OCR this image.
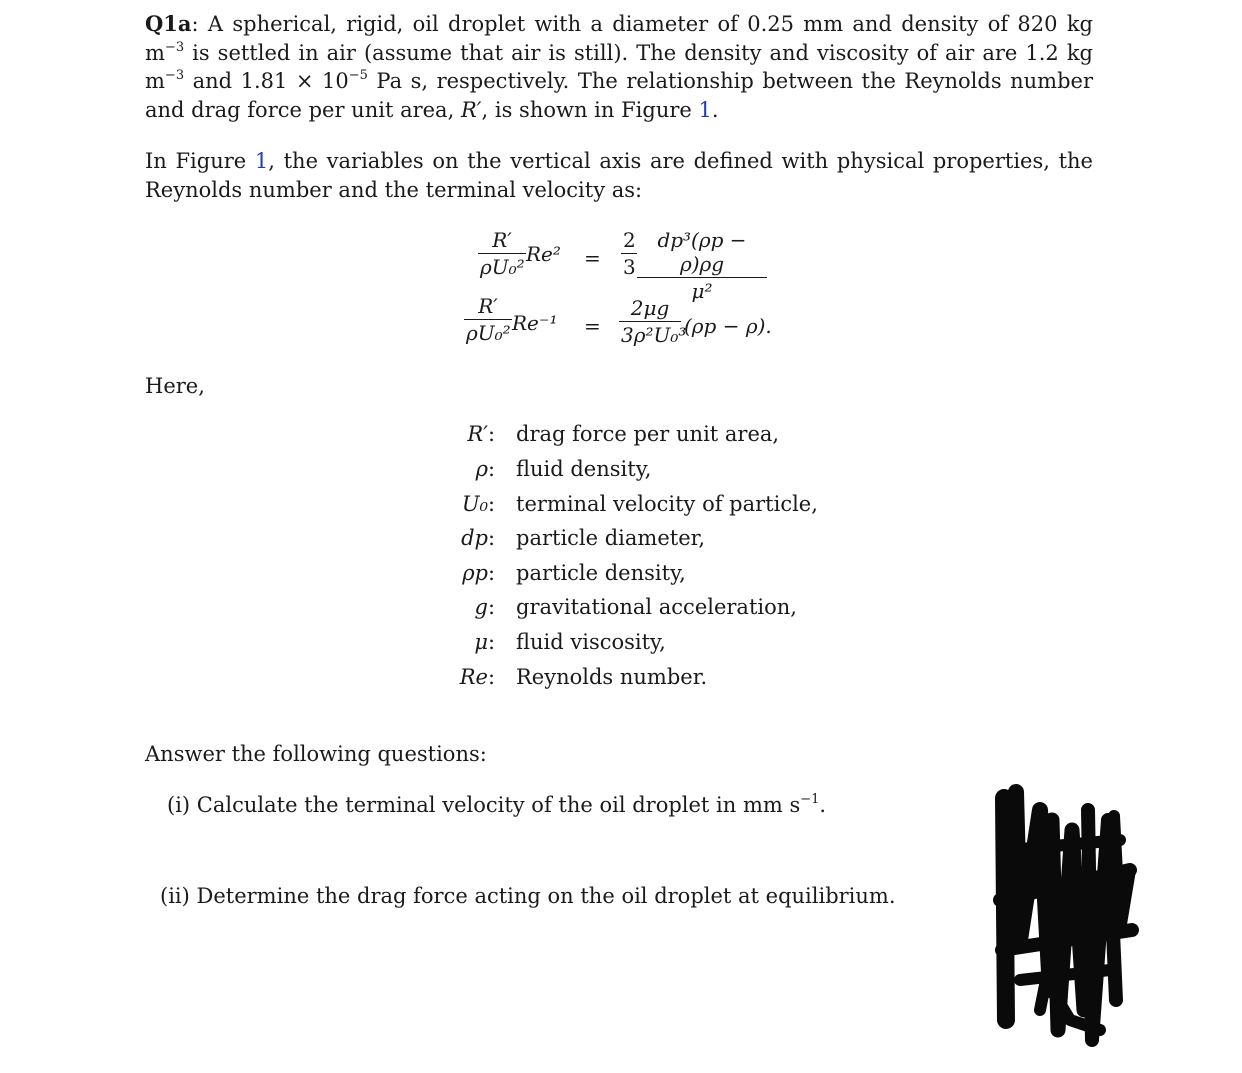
Q1a: A spherical, rigid, oil droplet with a diameter of 0.25 mm and density of 820 kg $m^{-3}$ is settled in air (assume that air is still). The density and viscosity of air are 1.2 kg $m^{-3}$ and $1.81 \times 10^{-5}$ Pa s, respectively. The relationship between the Reynolds number and drag force per unit area, R′, is shown in Figure 1.
In Figure 1, the variables on the vertical axis are defined with physical properties, the Reynolds number and the terminal velocity as:
R′
ρU₀²
Re² =
2
3
dp³(ρp − ρ)ρg
μ²
R′
ρU₀² Re⁻¹ =
2μg
3ρ²U₀³
(ρp − ρ).
Here,
R′ : drag force per unit area,
ρ : fluid density,
U₀ : terminal velocity of particle,
dp : particle diameter,
ρp : particle density,
g : gravitational acceleration,
μ : fluid viscosity,
Re : Reynolds number.
Answer the following questions:
(i) Calculate the terminal velocity of the oil droplet in mm $s^{-1}$.
(ii) Determine the drag force acting on the oil droplet at equilibrium.
